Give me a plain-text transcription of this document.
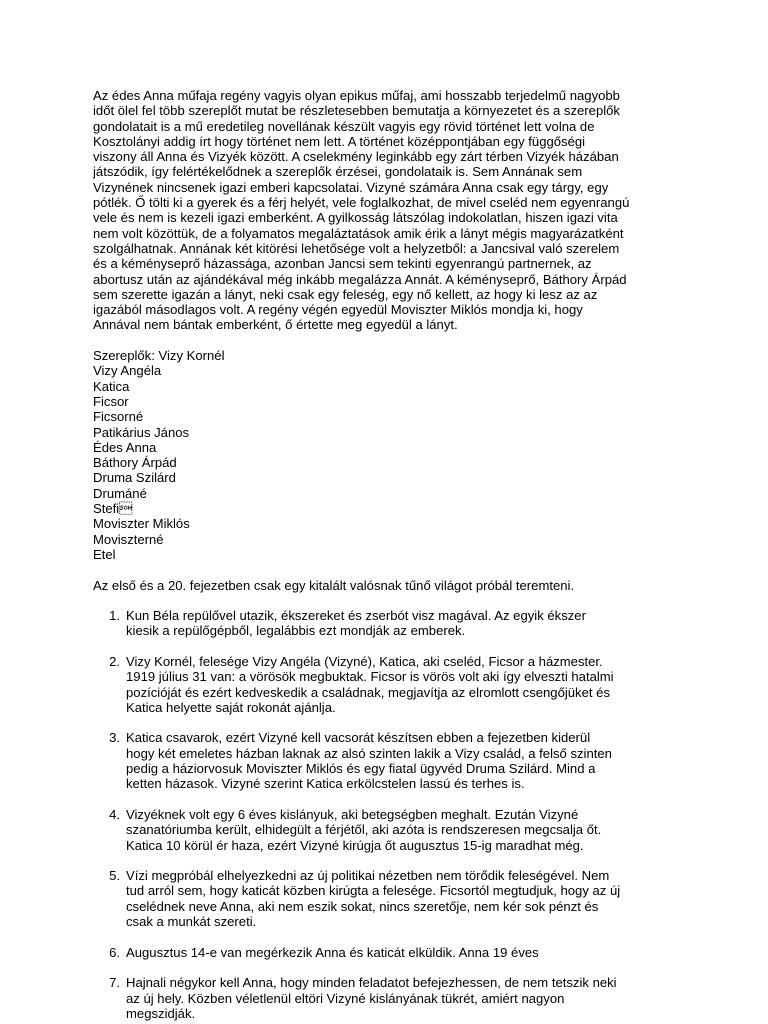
Az édes Anna műfaja regény vagyis olyan epikus műfaj, ami hosszabb terjedelmű nagyobb
időt ölel fel több szereplőt mutat be részletesebben bemutatja a környezetet és a szereplők
gondolatait is a mű eredetileg novellának készült vagyis egy rövid történet lett volna de
Kosztolányi addig írt hogy történet nem lett. A történet középpontjában egy függőségi
viszony áll Anna és Vizyék között. A cselekmény leginkább egy zárt térben Vizyék házában
játszódik, így felértékelődnek a szereplők érzései, gondolataik is. Sem Annának sem
Vizynének nincsenek igazi emberi kapcsolatai. Vizyné számára Anna csak egy tárgy, egy
pótlék. Ő tölti ki a gyerek és a férj helyét, vele foglalkozhat, de mivel cseléd nem egyenrangú
vele és nem is kezeli igazi emberként. A gyilkosság látszólag indokolatlan, hiszen igazi vita
nem volt közöttük, de a folyamatos megaláztatások amik érik a lányt mégis magyarázatként
szolgálhatnak. Annának két kitörési lehetősége volt a helyzetből: a Jancsival való szerelem
és a kéményseprő házassága, azonban Jancsi sem tekinti egyenrangú partnernek, az
abortusz után az ajándékával még inkább megalázza Annát. A kéményseprő, Báthory Árpád
sem szerette igazán a lányt, neki csak egy feleség, egy nő kellett, az hogy ki lesz az az
igazából másodlagos volt. A regény végén egyedül Moviszter Miklós mondja ki, hogy
Annával nem bántak emberként, ő értette meg egyedül a lányt.

Szereplők: Vizy Kornél
Vizy Angéla
Katica
Ficsor
Ficsorné
Patikárius János
Édes Anna
Báthory Árpád
Druma Szilárd
Drumáné
Stefi
Moviszter Miklós
Moviszterné
Etel

Az első és a 20. fejezetben csak egy kitalált valósnak tűnő világot próbál teremteni.

1. Kun Béla repülővel utazik, ékszereket és zserbót visz magával. Az egyik ékszer
kiesik a repülőgépből, legalábbis ezt mondják az emberek.

2. Vizy Kornél, felesége Vizy Angéla (Vizyné), Katica, aki cseléd, Ficsor a házmester.
1919 július 31 van: a vörösök megbuktak. Ficsor is vörös volt aki így elveszti hatalmi
pozícióját és ezért kedveskedik a családnak, megjavítja az elromlott csengőjüket és
Katica helyette saját rokonát ajánlja.

3. Katica csavarok, ezért Vizyné kell vacsorát készítsen ebben a fejezetben kiderül
hogy két emeletes házban laknak az alsó szinten lakik a Vizy család, a felső szinten
pedig a háziorvosuk Moviszter Miklós és egy fiatal ügyvéd Druma Szilárd. Mind a
ketten házasok. Vizyné szerint Katica erkölcstelen lassú és terhes is.

4. Vizyéknek volt egy 6 éves kislányuk, aki betegségben meghalt. Ezután Vizyné
szanatóriumba került, elhidegült a férjétől, aki azóta is rendszeresen megcsalja őt.
Katica 10 körül ér haza, ezért Vizyné kirúgja őt augusztus 15-ig maradhat még.

5. Vízi megpróbál elhelyezkedni az új politikai nézetben nem törődik feleségével. Nem
tud arról sem, hogy katicát közben kirúgta a felesége. Ficsortól megtudjuk, hogy az új
cselédnek neve Anna, aki nem eszik sokat, nincs szeretője, nem kér sok pénzt és
csak a munkát szereti.

6. Augusztus 14-e van megérkezik Anna és katicát elküldik. Anna 19 éves

7. Hajnali négykor kell Anna, hogy minden feladatot befejezhessen, de nem tetszik neki
az új hely. Közben véletlenül eltöri Vizyné kislányának tükrét, amiért nagyon
megszidják.
